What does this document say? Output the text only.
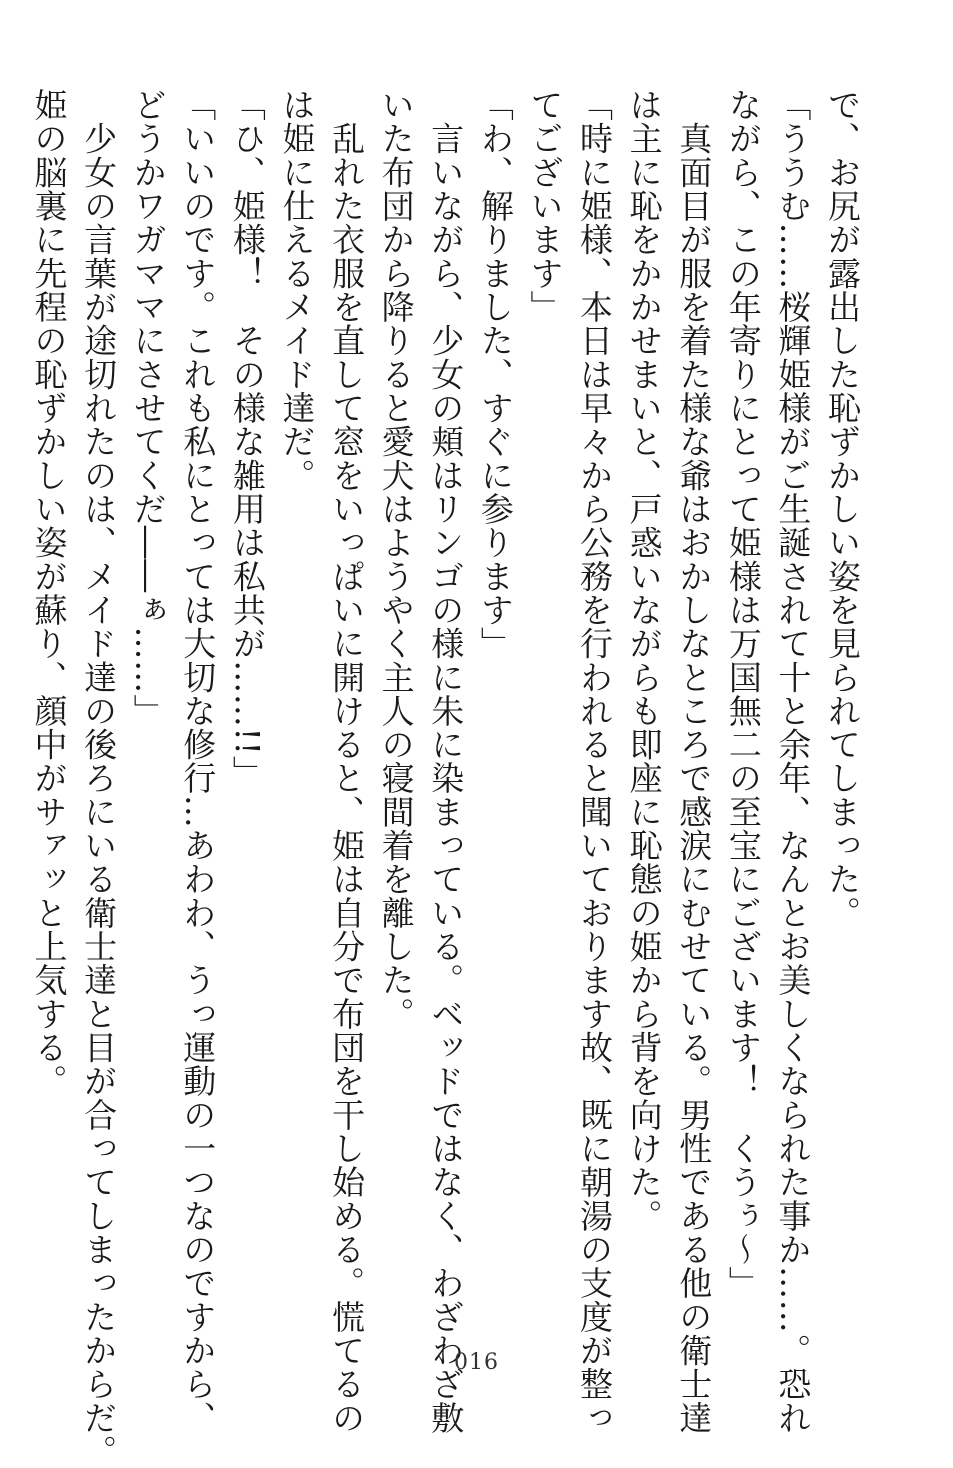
で、お尻が露出した恥ずかしい姿を見られてしまった。
「ううむ……桜輝姫様がご生誕されて十と余年、なんとお美しくなられた事か……。恐れ
ながら、この年寄りにとって姫様は万国無二の至宝にございます！　くうぅ～」
　真面目が服を着た様な爺はおかしなところで感涙にむせている。男性である他の衛士達
は主に恥をかかせまいと、戸惑いながらも即座に恥態の姫から背を向けた。
「時に姫様、本日は早々から公務を行われると聞いております故、既に朝湯の支度が整っ
てございます」
「わ、解りました、すぐに参ります」
　言いながら、少女の頬はリンゴの様に朱に染まっている。ベッドではなく、わざわざ敷
いた布団から降りると愛犬はようやく主人の寝間着を離した。
　乱れた衣服を直して窓をいっぱいに開けると、姫は自分で布団を干し始める。慌てるの
は姫に仕えるメイド達だ。
「ひ、姫様！　その様な雑用は私共が……!!」
「いいのです。これも私にとっては大切な修行…あわわ、うっ運動の一つなのですから、
どうかワガママにさせてくだ――ぁ……」
　少女の言葉が途切れたのは、メイド達の後ろにいる衛士達と目が合ってしまったからだ。
姫の脳裏に先程の恥ずかしい姿が蘇り、顔中がサァッと上気する。
016
